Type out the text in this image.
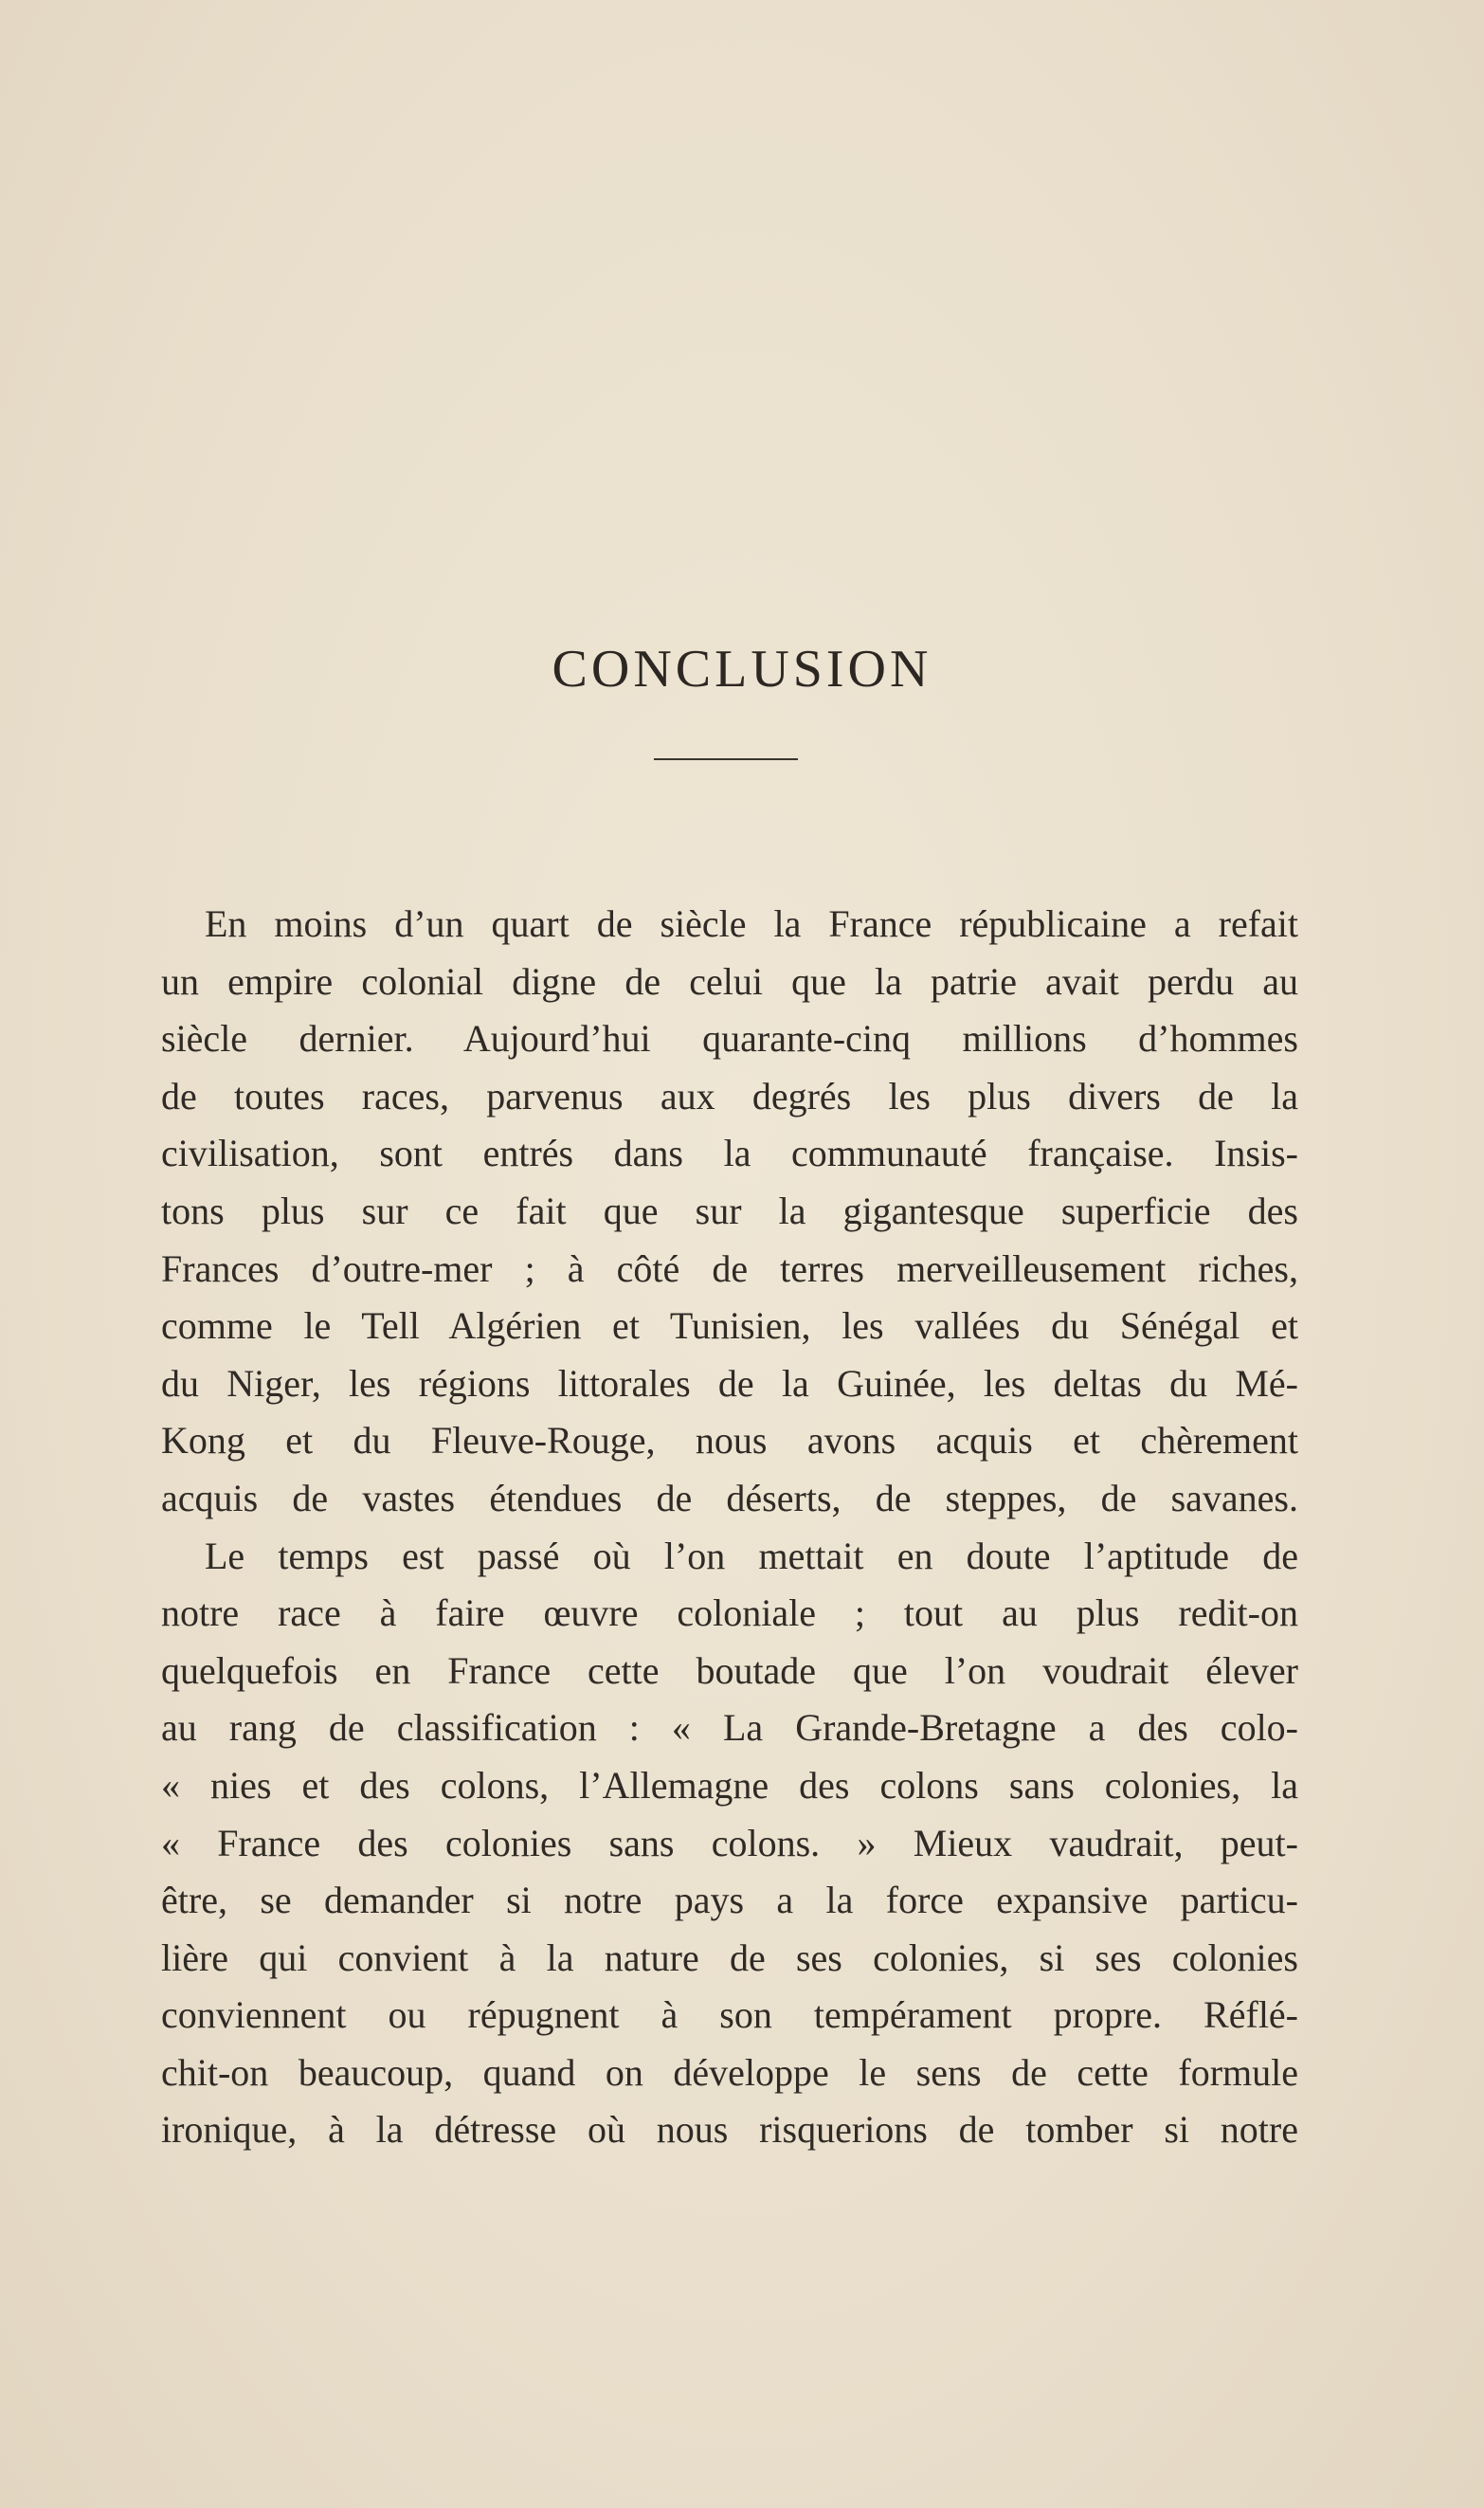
CONCLUSION
En moins d’un quart de siècle la France républicaine a refait
un empire colonial digne de celui que la patrie avait perdu au
siècle dernier. Aujourd’hui quarante-cinq millions d’hommes
de toutes races, parvenus aux degrés les plus divers de la
civilisation, sont entrés dans la communauté française. Insis-
tons plus sur ce fait que sur la gigantesque superficie des
Frances d’outre-mer ; à côté de terres merveilleusement riches,
comme le Tell Algérien et Tunisien, les vallées du Sénégal et
du Niger, les régions littorales de la Guinée, les deltas du Mé-
Kong et du Fleuve-Rouge, nous avons acquis et chèrement
acquis de vastes étendues de déserts, de steppes, de savanes.
Le temps est passé où l’on mettait en doute l’aptitude de
notre race à faire œuvre coloniale ; tout au plus redit-on
quelquefois en France cette boutade que l’on voudrait élever
au rang de classification : « La Grande-Bretagne a des colo-
« nies et des colons, l’Allemagne des colons sans colonies, la
« France des colonies sans colons. » Mieux vaudrait, peut-
être, se demander si notre pays a la force expansive particu-
lière qui convient à la nature de ses colonies, si ses colonies
conviennent ou répugnent à son tempérament propre. Réflé-
chit-on beaucoup, quand on développe le sens de cette formule
ironique, à la détresse où nous risquerions de tomber si notre
